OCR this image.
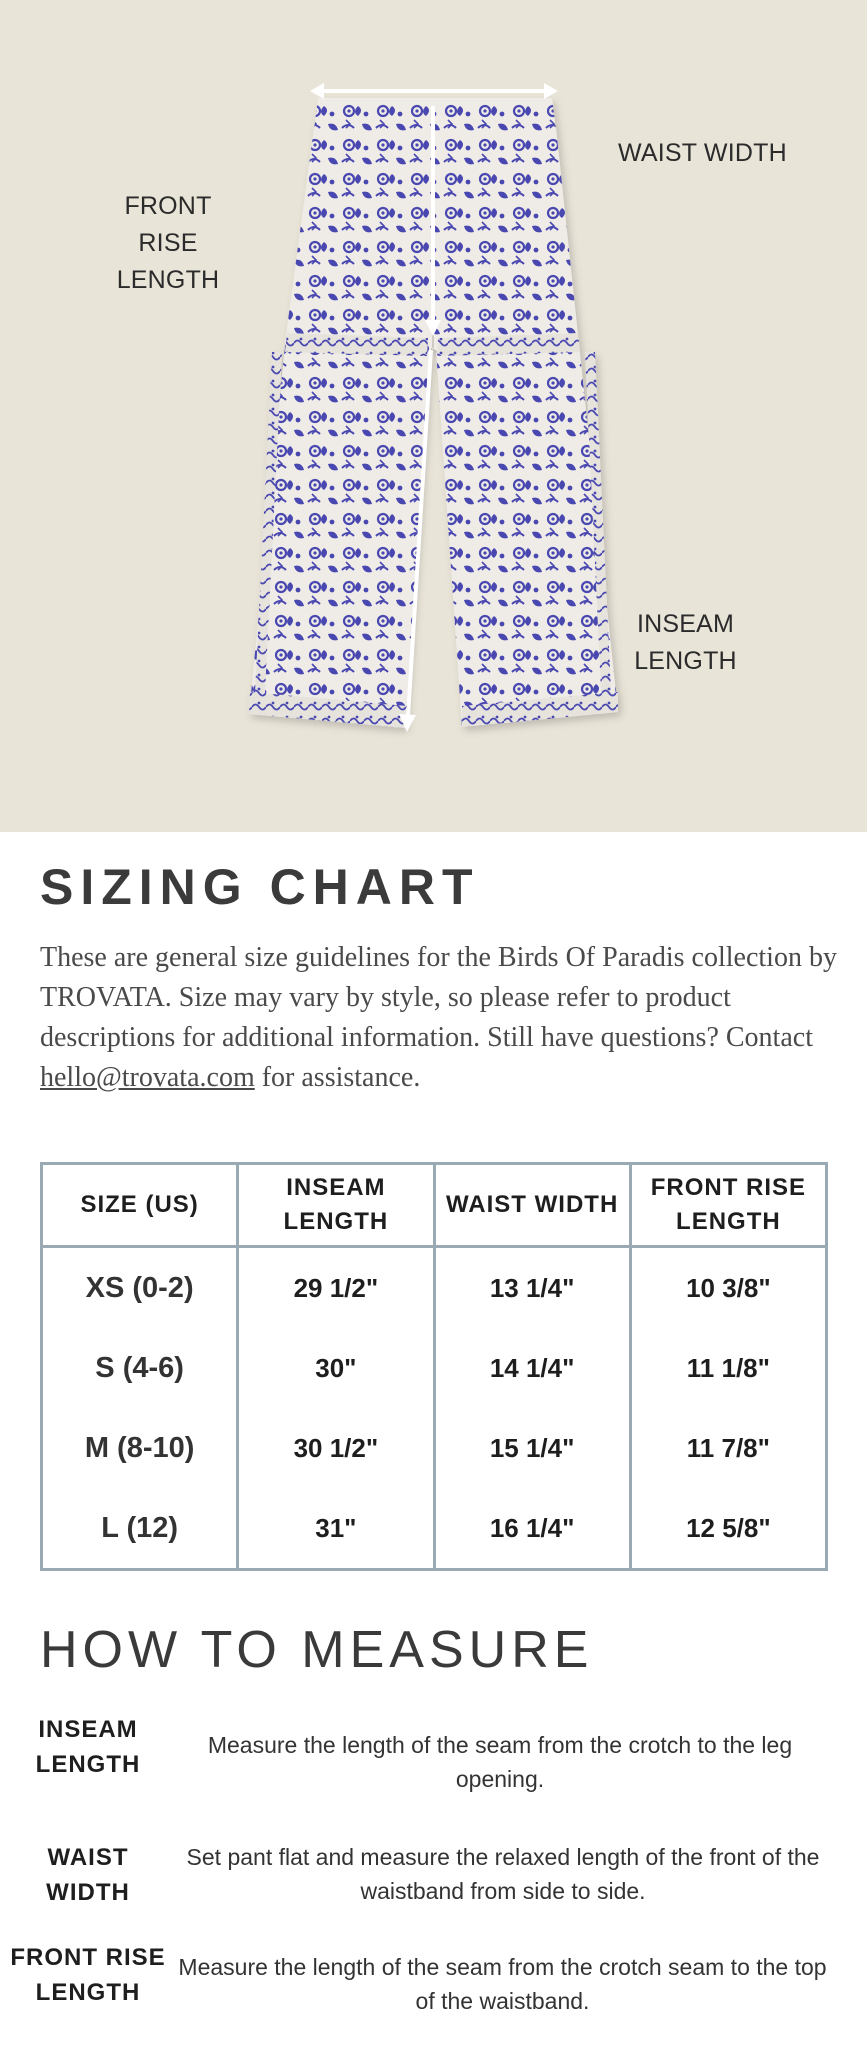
WAIST WIDTH
FRONT RISE LENGTH
INSEAM LENGTH
SIZING CHART

These are general size guidelines for the Birds Of Paradis collection by TROVATA. Size may vary by style, so please refer to product descriptions for additional information. Still have questions? Contact hello@trovata.com for assistance.

SIZE (US)	INSEAM LENGTH	WAIST WIDTH	FRONT RISE LENGTH
XS (0-2)	29 1/2"	13 1/4"	10 3/8"
S (4-6)	30"	14 1/4"	11 1/8"
M (8-10)	30 1/2"	15 1/4"	11 7/8"
L (12)	31"	16 1/4"	12 5/8"
HOW TO MEASURE
INSEAM LENGTH
Measure the length of the seam from the crotch to the leg opening.
WAIST WIDTH
Set pant flat and measure the relaxed length of the front of the waistband from side to side.
FRONT RISE LENGTH
Measure the length of the seam from the crotch seam to the top of the waistband.
